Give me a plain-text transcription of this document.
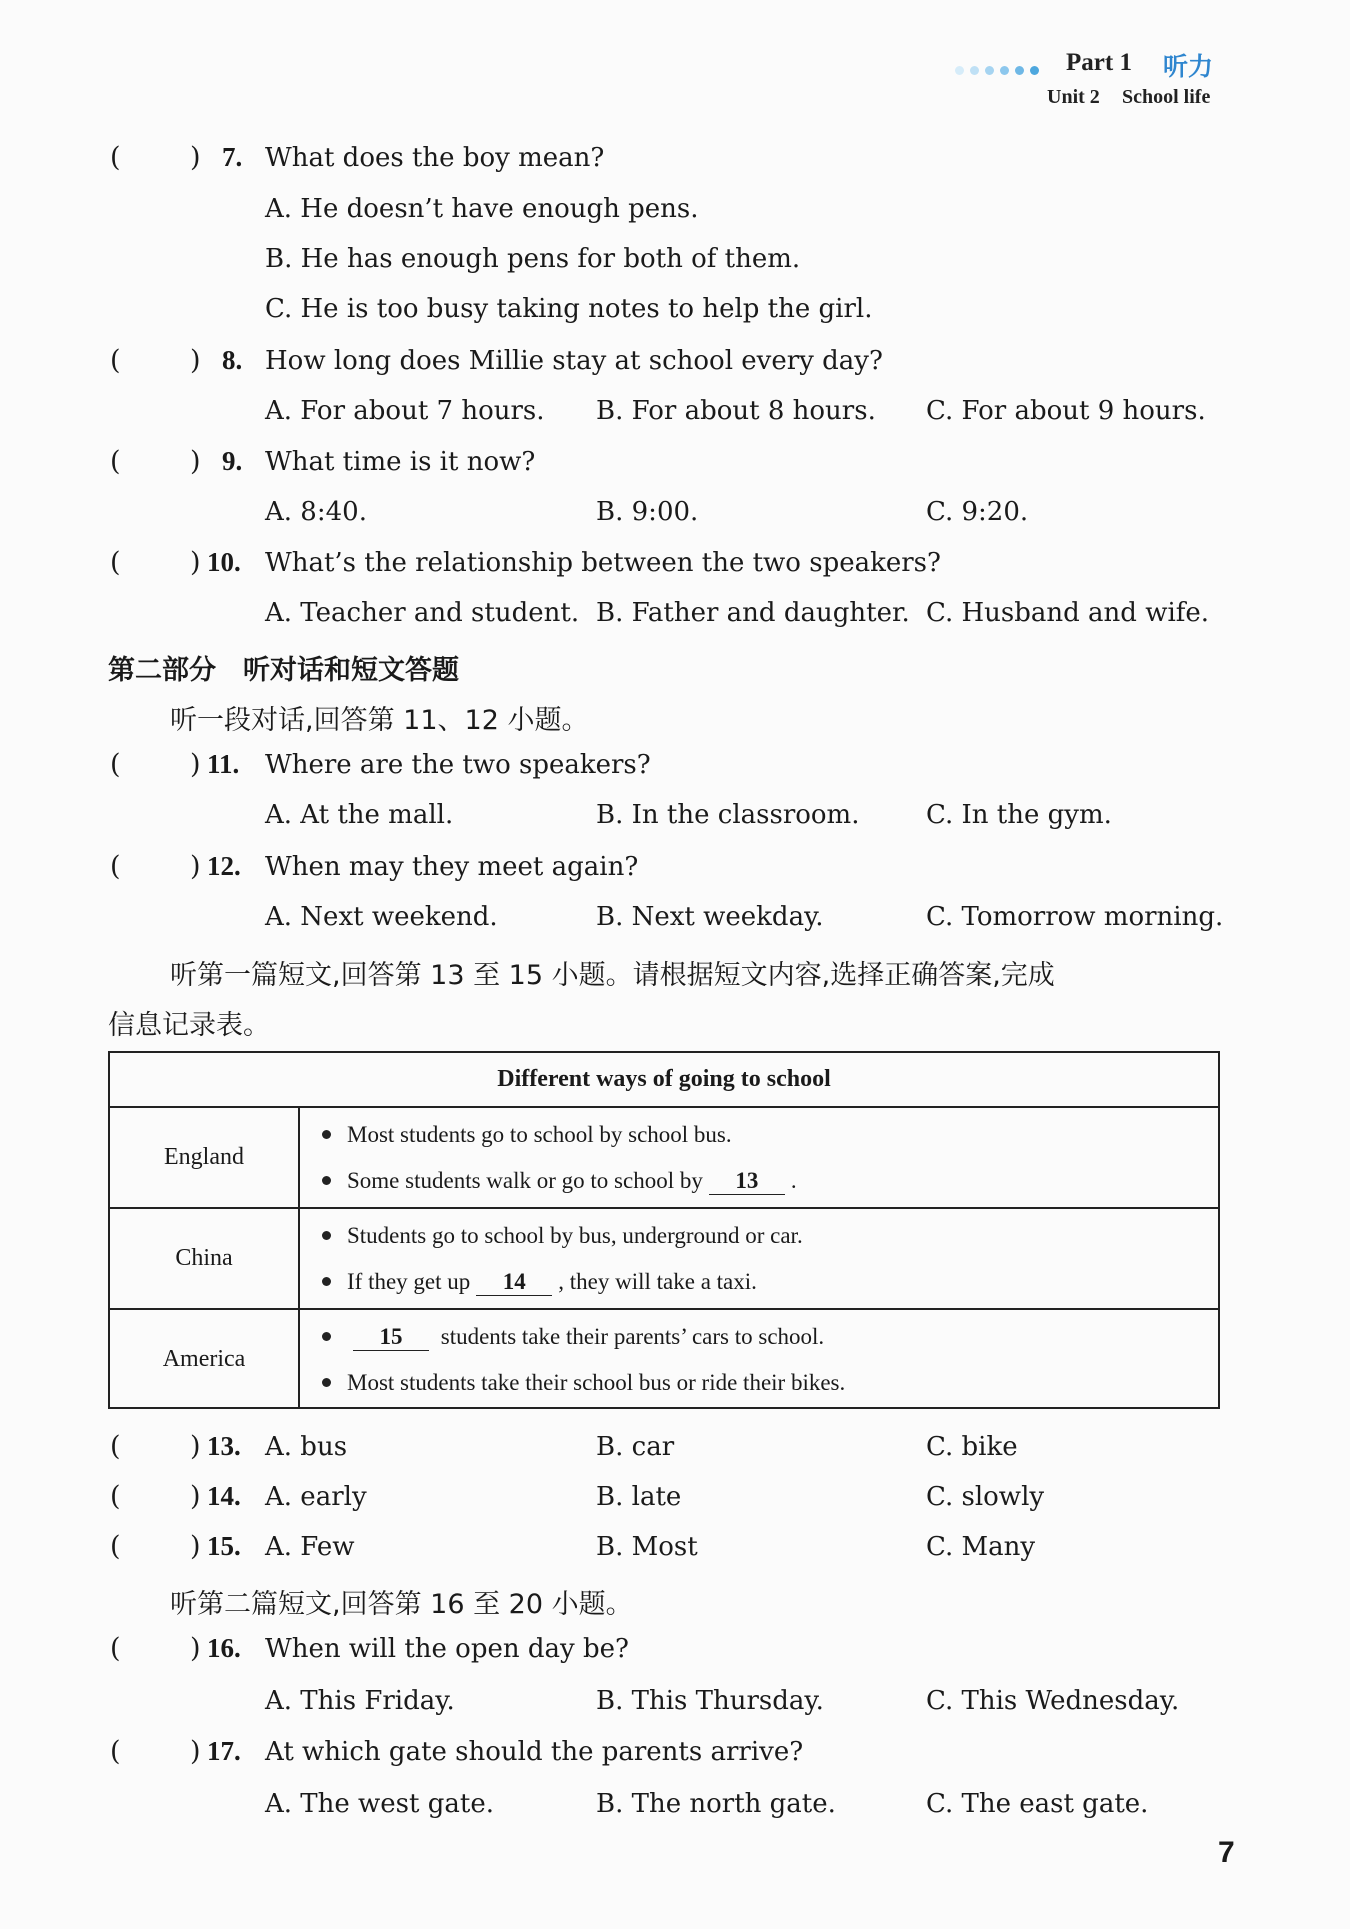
Part 1 听力
Unit 2 School life
(	) 7. What does the boy mean?
A. He doesn’t have enough pens.
B. He has enough pens for both of them.
C. He is too busy taking notes to help the girl.
(	) 8. How long does Millie stay at school every day?
A. For about 7 hours. B. For about 8 hours. C. For about 9 hours.
(	) 9. What time is it now?
A. 8:40.	B. 9:00.	C. 9:20.
(	) 10. What’s the relationship between the two speakers?
A. Teacher and student. B. Father and daughter. C. Husband and wife.
第二部分　听对话和短文答题
听一段对话,回答第 11、12 小题。
(	) 11. Where are the two speakers?
A. At the mall.	B. In the classroom.	C. In the gym.
(	) 12. When may they meet again?
A. Next weekend.	B. Next weekday.	C. Tomorrow morning.
听第一篇短文,回答第 13 至 15 小题。请根据短文内容,选择正确答案,完成
信息记录表。
Different ways of going to school
England
Most students go to school by school bus.
Some students walk or go to school by 13 .
China
Students go to school by bus, underground or car.
If they get up 14 , they will take a taxi.
America
15 students take their parents’ cars to school.
Most students take their school bus or ride their bikes.
(	) 13. A. bus	B. car	C. bike
(	) 14. A. early	B. late	C. slowly
(	) 15. A. Few	B. Most	C. Many
听第二篇短文,回答第 16 至 20 小题。
(	) 16. When will the open day be?
A. This Friday.	B. This Thursday.	C. This Wednesday.
(	) 17. At which gate should the parents arrive?
A. The west gate.	B. The north gate.	C. The east gate.
7
